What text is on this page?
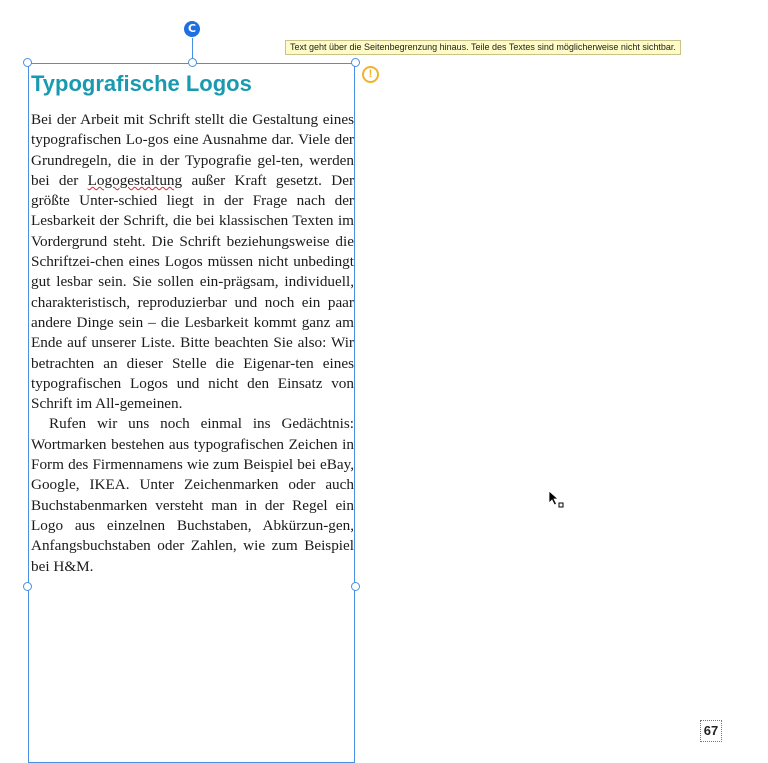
C
Text geht über die Seitenbegrenzung hinaus. Teile des Textes sind möglicherweise nicht sichtbar.
!
Typografische Logos

Bei der Arbeit mit Schrift stellt die Gestaltung eines typografischen Lo-gos eine Ausnahme dar. Viele der Grundregeln, die in der Typografie gel-ten, werden bei der Logogestaltung außer Kraft gesetzt. Der größte Unter-schied liegt in der Frage nach der Lesbarkeit der Schrift, die bei klassischen Texten im Vordergrund steht. Die Schrift beziehungsweise die Schriftzei-chen eines Logos müssen nicht unbedingt gut lesbar sein. Sie sollen ein-prägsam, individuell, charakteristisch, reproduzierbar und noch ein paar andere Dinge sein – die Lesbarkeit kommt ganz am Ende auf unserer Liste. Bitte beachten Sie also: Wir betrachten an dieser Stelle die Eigenar-ten eines typografischen Logos und nicht den Einsatz von Schrift im All-gemeinen.

Rufen wir uns noch einmal ins Gedächtnis: Wortmarken bestehen aus typografischen Zeichen in Form des Firmennamens wie zum Beispiel bei eBay, Google, IKEA. Unter Zeichenmarken oder auch Buchstabenmarken versteht man in der Regel ein Logo aus einzelnen Buchstaben, Abkürzun-gen, Anfangsbuchstaben oder Zahlen, wie zum Beispiel bei H&M.

67
